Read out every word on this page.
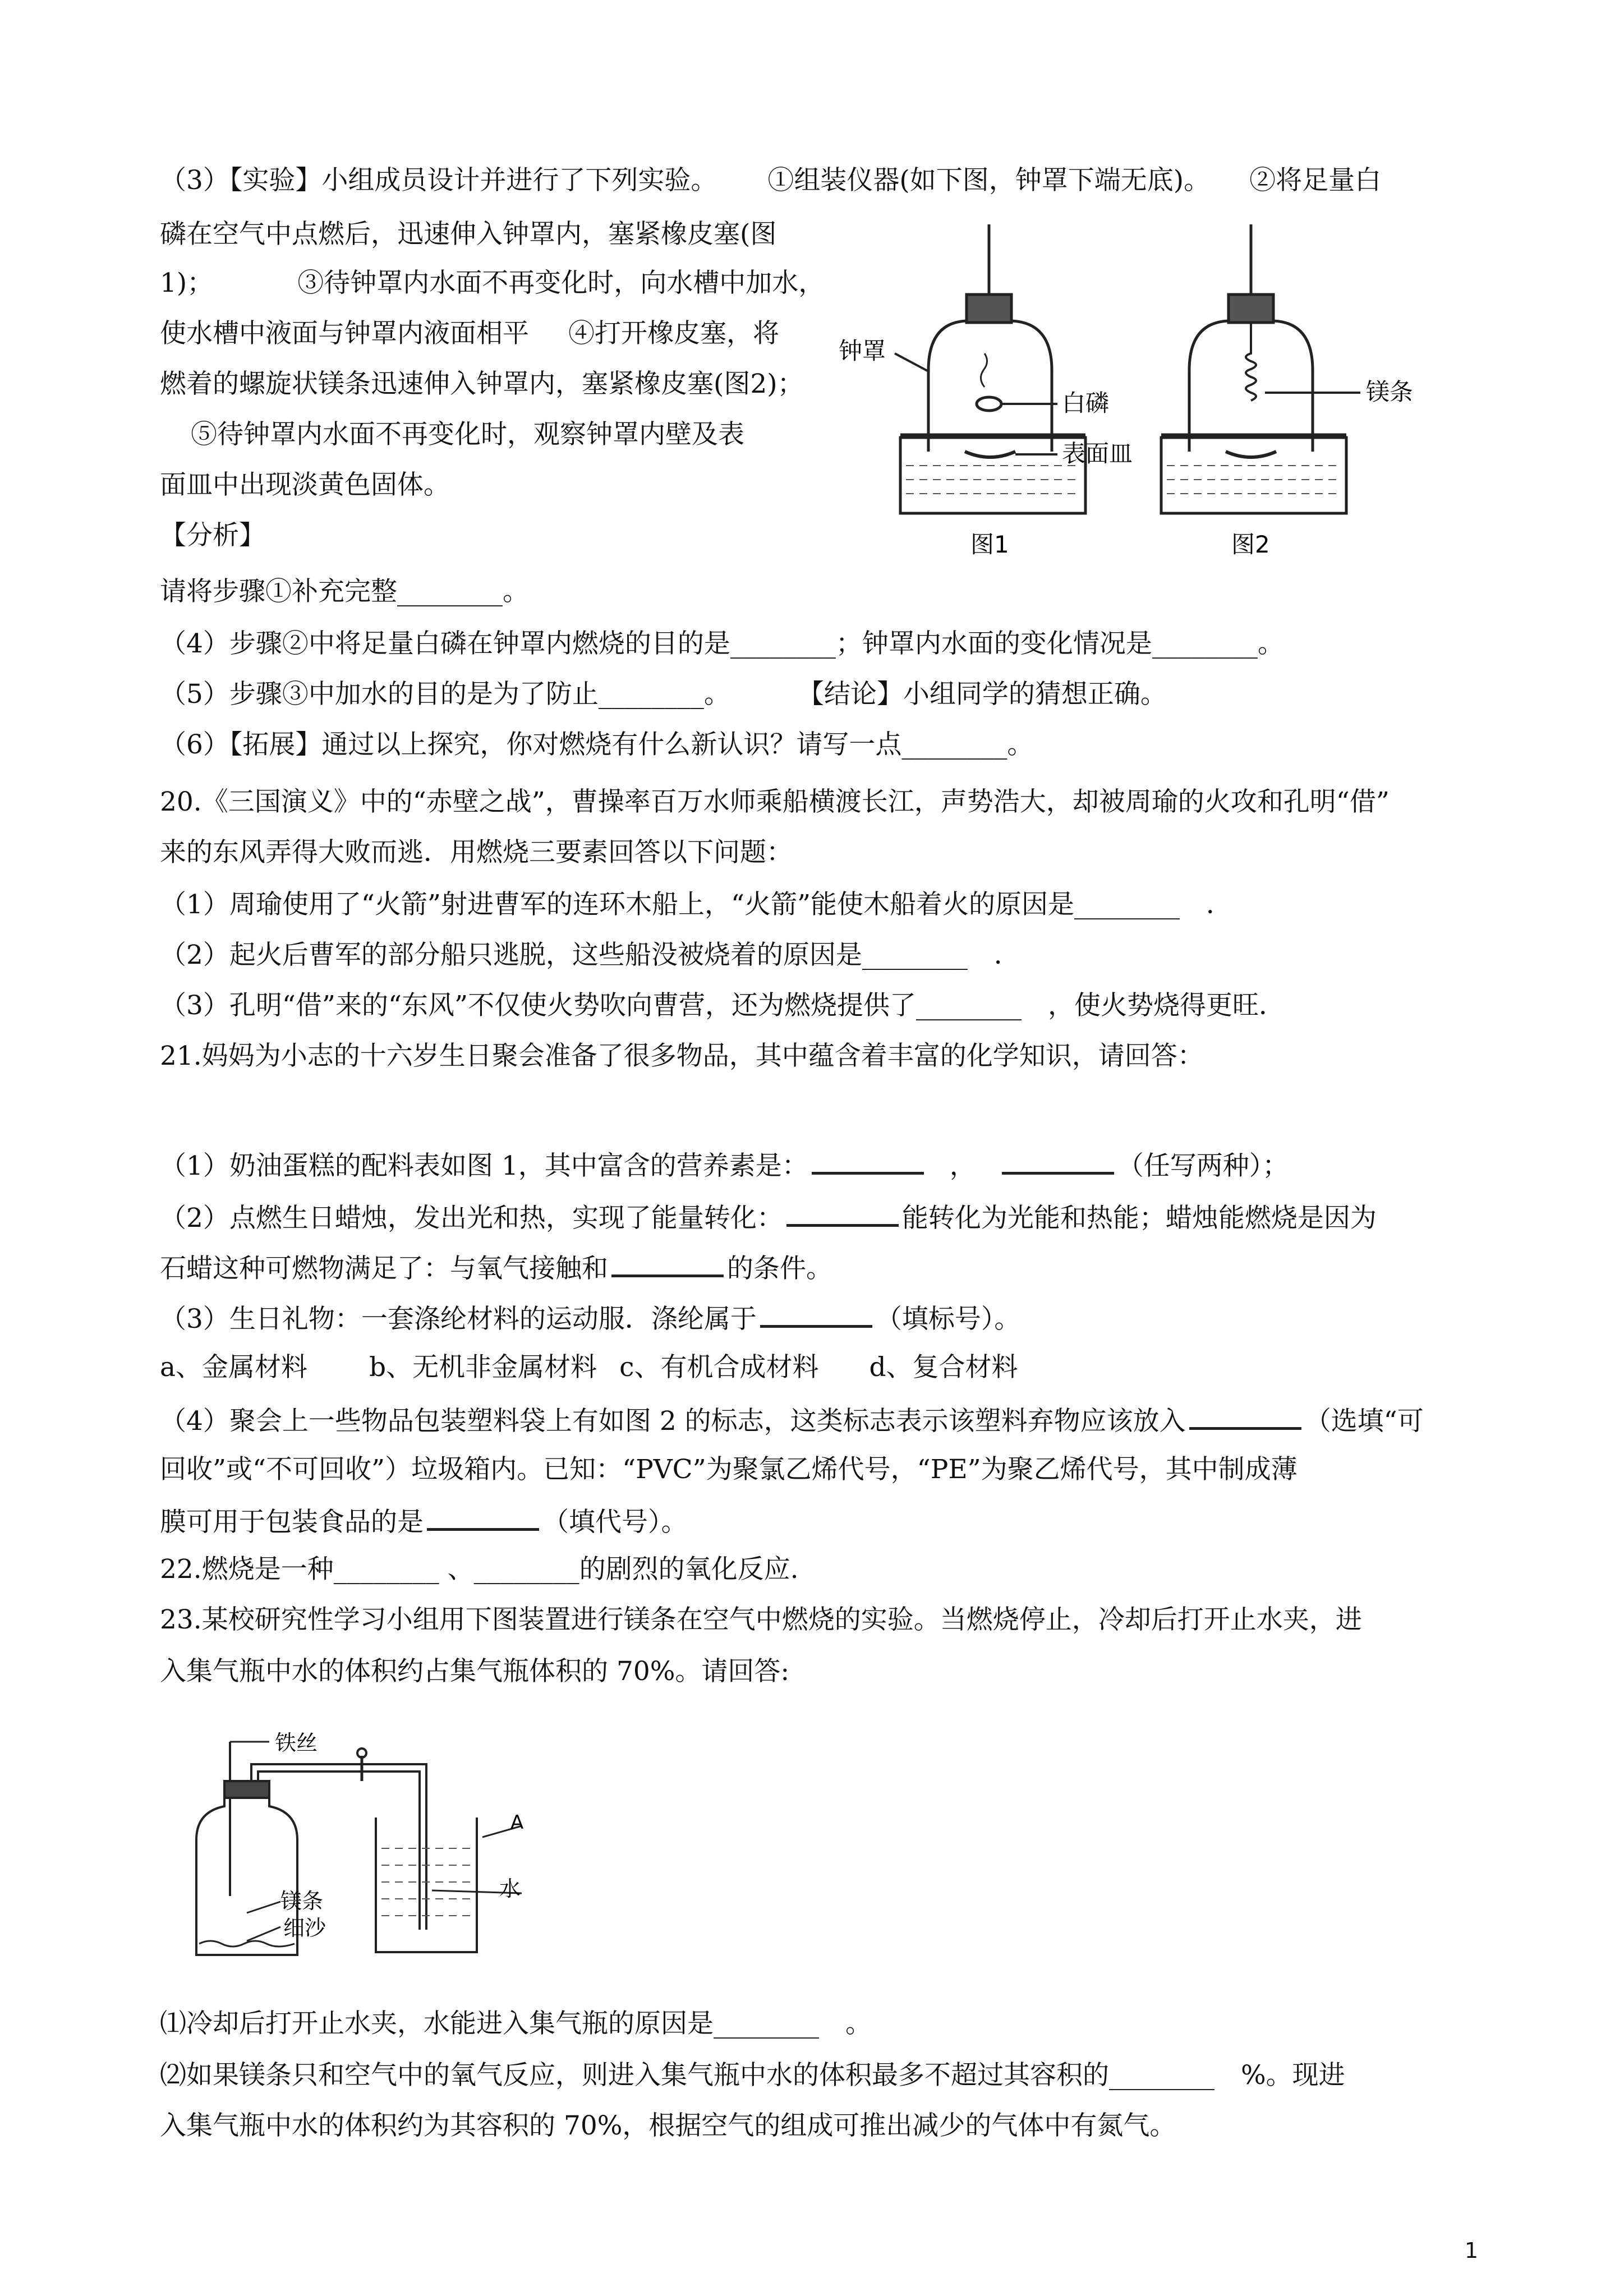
（3）【实验】小组成员设计并进行了下列实验。 ①组装仪器(如下图，钟罩下端无底)。 ②将足量白
磷在空气中点燃后，迅速伸入钟罩内，塞紧橡皮塞(图
1)；	③待钟罩内水面不再变化时，向水槽中加水，
使水槽中液面与钟罩内液面相平 ④打开橡皮塞，将
燃着的螺旋状镁条迅速伸入钟罩内，塞紧橡皮塞(图2)；
⑤待钟罩内水面不再变化时，观察钟罩内壁及表
面皿中出现淡黄色固体。
【分析】
请将步骤①补充完整________。
（4）步骤②中将足量白磷在钟罩内燃烧的目的是________；钟罩内水面的变化情况是________。
（5）步骤③中加水的目的是为了防止________。	【结论】小组同学的猜想正确。
（6）【拓展】通过以上探究，你对燃烧有什么新认识？请写一点________。
钟罩
白磷
表面皿
镁条
图1	图2
20.《三国演义》中的“赤壁之战”，曹操率百万水师乘船横渡长江，声势浩大，却被周瑜的火攻和孔明“借”
来的东风弄得大败而逃．用燃烧三要素回答以下问题：
（1）周瑜使用了“火箭”射进曹军的连环木船上，“火箭”能使木船着火的原因是________　．
（2）起火后曹军的部分船只逃脱，这些船没被烧着的原因是________　．
（3）孔明“借”来的“东风”不仅使火势吹向曹营，还为燃烧提供了________　，使火势烧得更旺．
21.妈妈为小志的十六岁生日聚会准备了很多物品，其中蕴含着丰富的化学知识，请回答：
（1）奶油蛋糕的配料表如图 1，其中富含的营养素是：	，	（任写两种）；
（2）点燃生日蜡烛，发出光和热，实现了能量转化：	能转化为光能和热能；蜡烛能燃烧是因为
石蜡这种可燃物满足了：与氧气接触和	的条件。
（3）生日礼物：一套涤纶材料的运动服．涤纶属于	（填标号）。
a、金属材料 b、无机非金属材料 c、有机合成材料 d、复合材料
（4）聚会上一些物品包装塑料袋上有如图 2 的标志，这类标志表示该塑料弃物应该放入	（选填“可
回收”或“不可回收”）垃圾箱内。已知：“PVC”为聚氯乙烯代号，“PE”为聚乙烯代号，其中制成薄
膜可用于包装食品的是	（填代号）。
22.燃烧是一种________ 、________的剧烈的氧化反应.
23.某校研究性学习小组用下图装置进行镁条在空气中燃烧的实验。当燃烧停止，冷却后打开止水夹，进
入集气瓶中水的体积约占集气瓶体积的 70%。请回答:
铁丝
镁条
细沙
A
水
⑴冷却后打开止水夹，水能进入集气瓶的原因是________　。
⑵如果镁条只和空气中的氧气反应，则进入集气瓶中水的体积最多不超过其容积的________　%。现进
入集气瓶中水的体积约为其容积的 70%，根据空气的组成可推出减少的气体中有氮气。
1
